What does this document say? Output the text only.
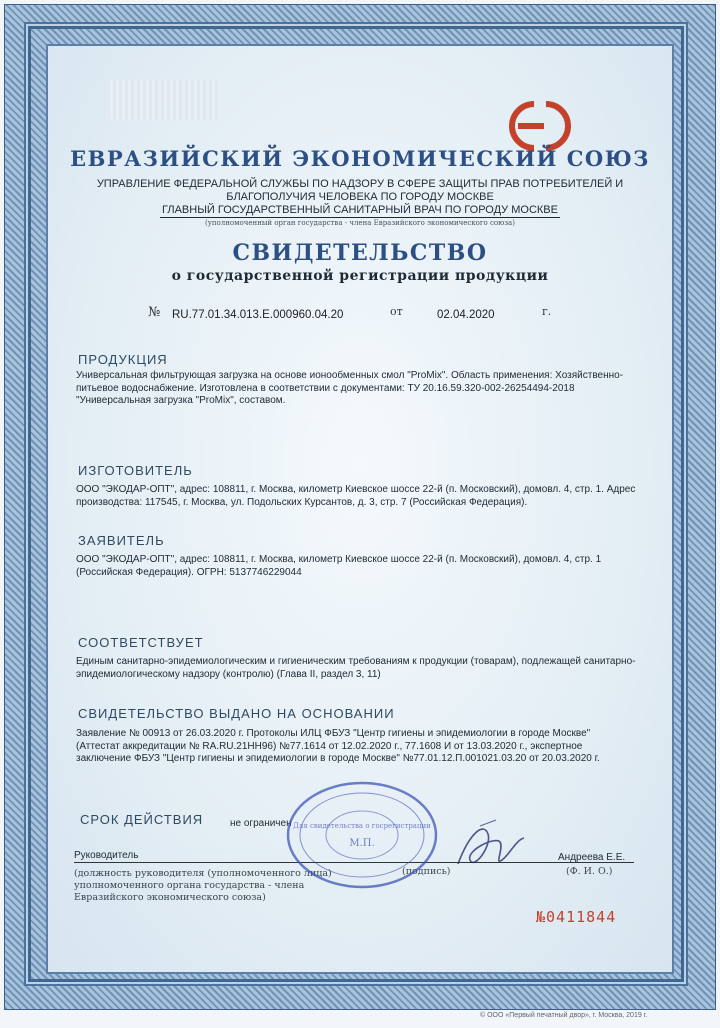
ЕВРАЗИЙСКИЙ ЭКОНОМИЧЕСКИЙ СОЮЗ
УПРАВЛЕНИЕ ФЕДЕРАЛЬНОЙ СЛУЖБЫ ПО НАДЗОРУ В СФЕРЕ ЗАЩИТЫ ПРАВ ПОТРЕБИТЕЛЕЙ И
БЛАГОПОЛУЧИЯ ЧЕЛОВЕКА ПО ГОРОДУ МОСКВЕ
ГЛАВНЫЙ ГОСУДАРСТВЕННЫЙ САНИТАРНЫЙ ВРАЧ ПО ГОРОДУ МОСКВЕ
(уполномоченный орган государства - члена Евразийского экономического союза)
СВИДЕТЕЛЬСТВО
о государственной регистрации продукции
№ RU.77.01.34.013.Е.000960.04.20	от	02.04.2020	г.
ПРОДУКЦИЯ
Универсальная фильтрующая загрузка на основе ионообменных смол "ProMix". Область применения: Хозяйственно-питьевое водоснабжение. Изготовлена в соответствии с документами: ТУ 20.16.59.320-002-26254494-2018 "Универсальная загрузка "ProMix", составом.
ИЗГОТОВИТЕЛЬ
ООО "ЭКОДАР-ОПТ", адрес: 108811, г. Москва, километр Киевское шоссе 22-й (п. Московский), домовл. 4, стр. 1. Адрес производства: 117545, г. Москва, ул. Подольских Курсантов, д. 3, стр. 7 (Российская Федерация).
ЗАЯВИТЕЛЬ
ООО "ЭКОДАР-ОПТ", адрес: 108811, г. Москва, километр Киевское шоссе 22-й (п. Московский), домовл. 4, стр. 1 (Российская Федерация). ОГРН: 5137746229044
СООТВЕТСТВУЕТ
Единым санитарно-эпидемиологическим и гигиеническим требованиям к продукции (товарам), подлежащей санитарно-эпидемиологическому надзору (контролю) (Глава II, раздел 3, 11)
СВИДЕТЕЛЬСТВО ВЫДАНО НА ОСНОВАНИИ
Заявление № 00913 от 26.03.2020 г. Протоколы ИЛЦ ФБУЗ "Центр гигиены и эпидемиологии в городе Москве" (Аттестат аккредитации № RA.RU.21НН96) №77.1614 от 12.02.2020 г., 77.1608 И от 13.03.2020 г., экспертное заключение ФБУЗ "Центр гигиены и эпидемиологии в городе Москве" №77.01.12.П.001021.03.20 от 20.03.2020 г.
СРОК ДЕЙСТВИЯ	не ограничен
Руководитель
(должность руководителя (уполномоченного лица) уполномоченного органа государства - члена Евразийского экономического союза)
(подпись)
Андреева Е.Е.
(Ф. И. О.)
Для свидетельства о госрегистрации
М.П.
№0411844
© ООО «Первый печатный двор», г. Москва, 2019 г.
